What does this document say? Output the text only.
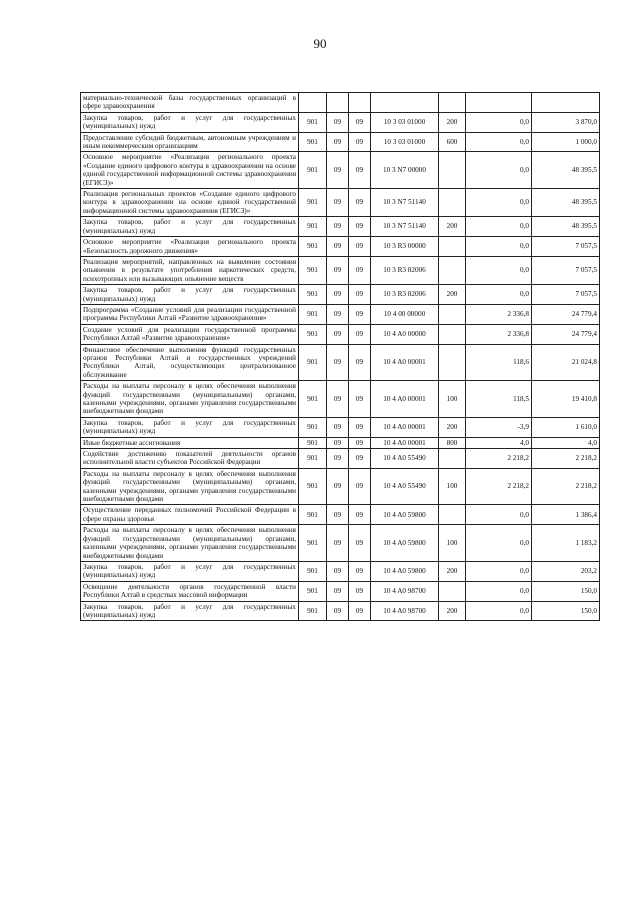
90
материально-технической базы государственных организаций в сфере здравоохранения							
Закупка товаров, работ и услуг для государственных (муниципальных) нужд	901	09	09	10 3 03 01000	200	0,0	3 870,0
Предоставление субсидий бюджетным, автономным учреждениям и иным некоммерческим организациям	901	09	09	10 3 03 01000	600	0,0	1 000,0
Основное мероприятие «Реализация регионального проекта «Создание единого цифрового контура в здравоохранении на основе единой государственной информационной системы здравоохранения (ЕГИСЗ)»	901	09	09	10 3 N7 00000		0,0	48 395,5
Реализация региональных проектов «Создание единого цифрового контура в здравоохранении на основе единой государственной информационной системы здравоохранения (ЕГИСЗ)»	901	09	09	10 3 N7 51140		0,0	48 395,5
Закупка товаров, работ и услуг для государственных (муниципальных) нужд	901	09	09	10 3 N7 51140	200	0,0	48 395,5
Основное мероприятие «Реализация регионального проекта «Безопасность дорожного движения»	901	09	09	10 3 R3 00000		0,0	7 057,5
Реализация мероприятий, направленных на выявление состояния опьянения в результате употребления наркотических средств, психотропных или вызывающих опьянение веществ	901	09	09	10 3 R3 82006		0,0	7 057,5
Закупка товаров, работ и услуг для государственных (муниципальных) нужд	901	09	09	10 3 R3 82006	200	0,0	7 057,5
Подпрограмма «Создание условий для реализации государственной программы Республики Алтай «Развитие здравоохранения»	901	09	09	10 4 00 00000		2 336,8	24 779,4
Создание условий для реализации государственной программы Республики Алтай «Развитие здравоохранения»	901	09	09	10 4 A0 00000		2 336,8	24 779,4
Финансовое обеспечение выполнения функций государственных органов Республики Алтай и государственных учреждений Республики Алтай, осуществляющих централизованное обслуживание	901	09	09	10 4 A0 00001		118,6	21 024,8
Расходы на выплаты персоналу в целях обеспечения выполнения функций государственными (муниципальными) органами, казенными учреждениями, органами управления государственными внебюджетными фондами	901	09	09	10 4 A0 00001	100	118,5	19 410,8
Закупка товаров, работ и услуг для государственных (муниципальных) нужд	901	09	09	10 4 A0 00001	200	-3,9	1 610,0
Иные бюджетные ассигнования	901	09	09	10 4 A0 00001	800	4,0	4,0
Содействие достижению показателей деятельности органов исполнительной власти субъектов Российской Федерации	901	09	09	10 4 A0 55490		2 218,2	2 218,2
Расходы на выплаты персоналу в целях обеспечения выполнения функций государственными (муниципальными) органами, казенными учреждениями, органами управления государственными внебюджетными фондами	901	09	09	10 4 A0 55490	100	2 218,2	2 218,2
Осуществление переданных полномочий Российской Федерации в сфере охраны здоровья	901	09	09	10 4 A0 59800		0,0	1 386,4
Расходы на выплаты персоналу в целях обеспечения выполнения функций государственными (муниципальными) органами, казенными учреждениями, органами управления государственными внебюджетными фондами	901	09	09	10 4 A0 59800	100	0,0	1 183,2
Закупка товаров, работ и услуг для государственных (муниципальных) нужд	901	09	09	10 4 A0 59800	200	0,0	203,2
Освещение деятельности органов государственной власти Республики Алтай в средствах массовой информации	901	09	09	10 4 A0 98700		0,0	150,0
Закупка товаров, работ и услуг для государственных (муниципальных) нужд	901	09	09	10 4 A0 98700	200	0,0	150,0
